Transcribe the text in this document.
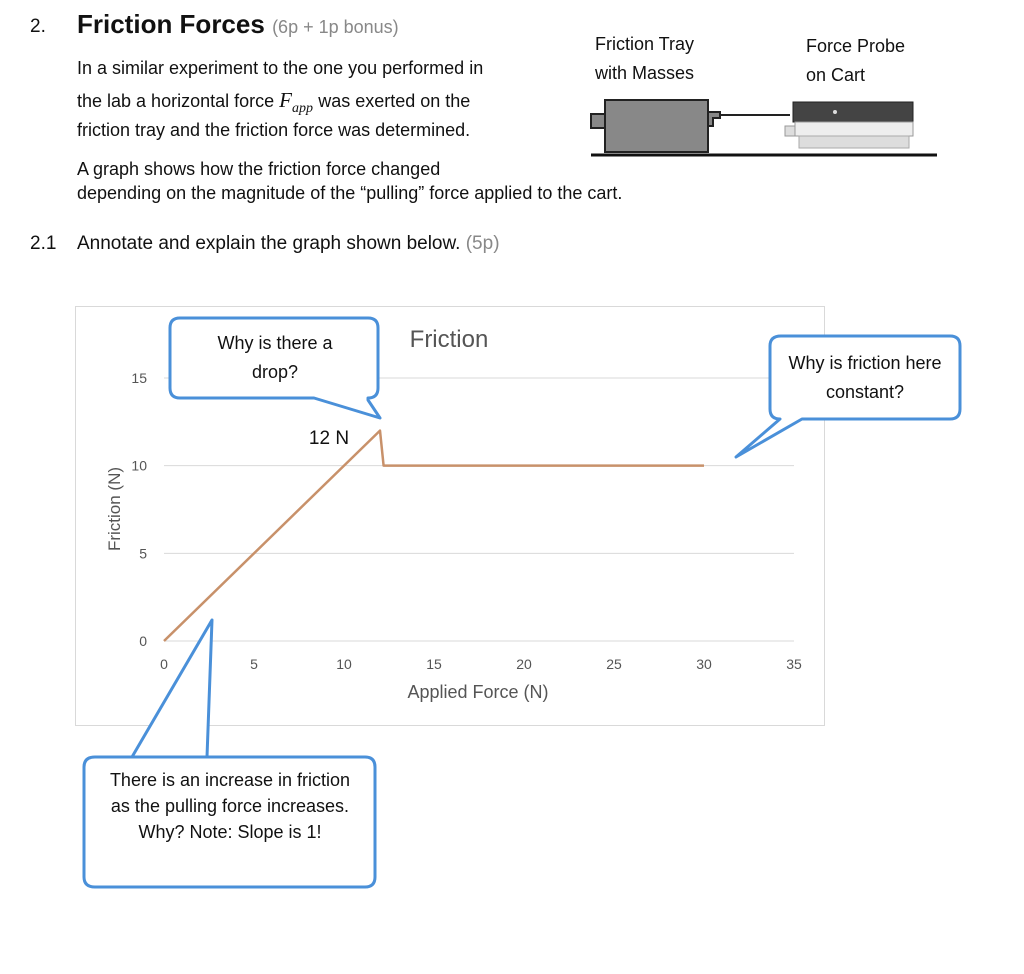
2. Friction Forces (6p + 1p bonus)
In a similar experiment to the one you performed in
the lab a horizontal force $F_{app}$ was exerted on the
friction tray and the friction force was determined.
A graph shows how the friction force changed
depending on the magnitude of the “pulling” force applied to the cart.
Friction Tray
with Masses
Force Probe
on Cart
2.1 Annotate and explain the graph shown below. (5p)
0
5
10
15
0	5	10	15	20	25	30	35
Friction
Applied Force (N)
Friction (N)
12 N
Why is there a drop?	Why is friction here constant?
There is an increase in friction as the pulling force increases. Why? Note: Slope is 1!
